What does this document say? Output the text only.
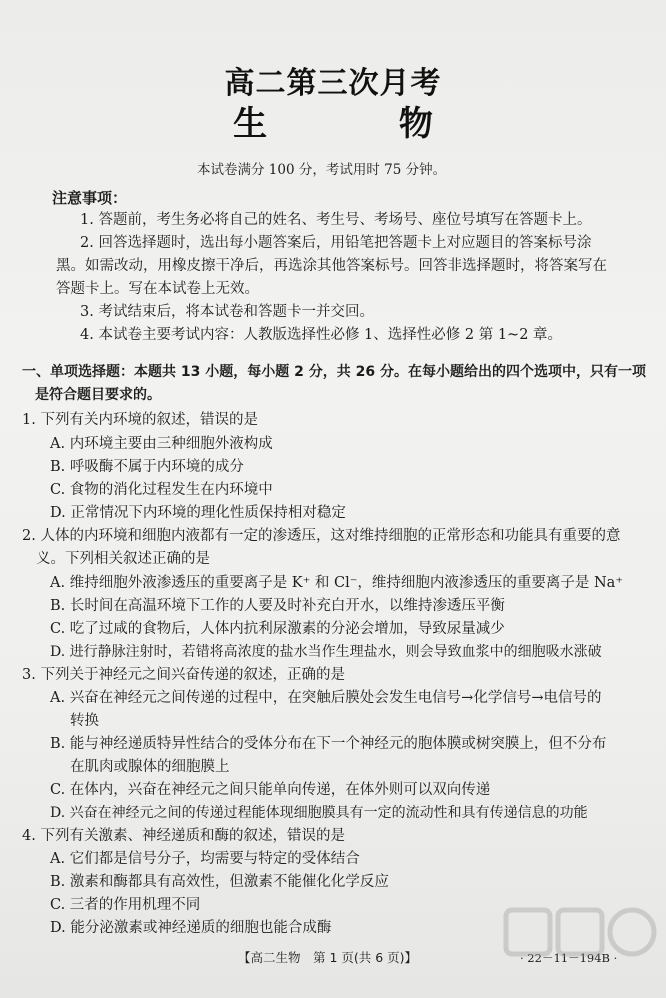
高二第三次月考
生 物
本试卷满分 100 分，考试用时 75 分钟。
注意事项：
1. 答题前，考生务必将自己的姓名、考生号、考场号、座位号填写在答题卡上。
2. 回答选择题时，选出每小题答案后，用铅笔把答题卡上对应题目的答案标号涂
黑。如需改动，用橡皮擦干净后，再选涂其他答案标号。回答非选择题时，将答案写在
答题卡上。写在本试卷上无效。
3. 考试结束后，将本试卷和答题卡一并交回。
4. 本试卷主要考试内容：人教版选择性必修 1、选择性必修 2 第 1~2 章。
一、单项选择题：本题共 13 小题，每小题 2 分，共 26 分。在每小题给出的四个选项中，只有一项
是符合题目要求的。
1. 下列有关内环境的叙述，错误的是
A. 内环境主要由三种细胞外液构成
B. 呼吸酶不属于内环境的成分
C. 食物的消化过程发生在内环境中
D. 正常情况下内环境的理化性质保持相对稳定
2. 人体的内环境和细胞内液都有一定的渗透压，这对维持细胞的正常形态和功能具有重要的意
义。下列相关叙述正确的是
A. 维持细胞外液渗透压的重要离子是 K⁺ 和 Cl⁻，维持细胞内液渗透压的重要离子是 Na⁺
B. 长时间在高温环境下工作的人要及时补充白开水，以维持渗透压平衡
C. 吃了过咸的食物后，人体内抗利尿激素的分泌会增加，导致尿量减少
D. 进行静脉注射时，若错将高浓度的盐水当作生理盐水，则会导致血浆中的细胞吸水涨破
3. 下列关于神经元之间兴奋传递的叙述，正确的是
A. 兴奋在神经元之间传递的过程中，在突触后膜处会发生电信号→化学信号→电信号的
转换
B. 能与神经递质特异性结合的受体分布在下一个神经元的胞体膜或树突膜上，但不分布
在肌肉或腺体的细胞膜上
C. 在体内，兴奋在神经元之间只能单向传递，在体外则可以双向传递
D. 兴奋在神经元之间的传递过程能体现细胞膜具有一定的流动性和具有传递信息的功能
4. 下列有关激素、神经递质和酶的叙述，错误的是
A. 它们都是信号分子，均需要与特定的受体结合
B. 激素和酶都具有高效性，但激素不能催化化学反应
C. 三者的作用机理不同
D. 能分泌激素或神经递质的细胞也能合成酶
【高二生物　第 1 页(共 6 页)】	· 22－11－194B ·
